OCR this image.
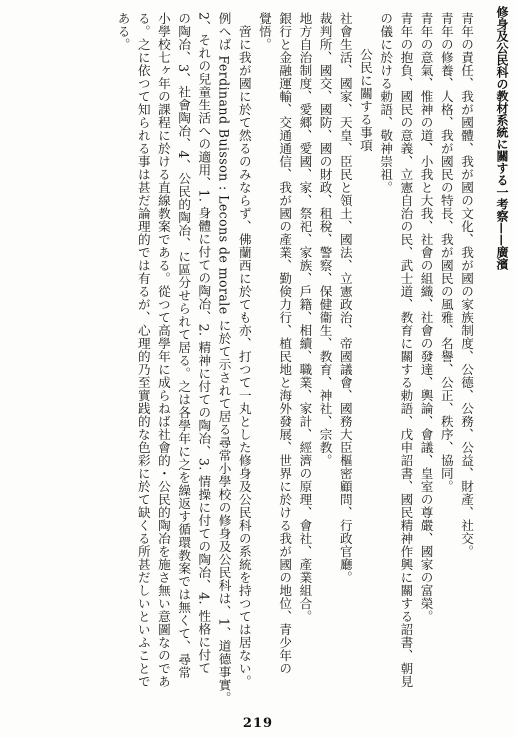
修身及公民科の教材系統に關する一考察——廣濱

青年の責任、我が國體、我が國の文化、我が國の家族制度、公德、公務、公益、財產、社交。

青年の修養、人格、我が國民の特長、我が國民の風雅、名譽、公正、秩序、協同。

青年の意氣、惟神の道、小我と大我、社會の組織、社會の發達、輿論、會議、皇室の尊嚴、國家の富榮。

青年の抱負、國民の意義、立憲自治の民、武士道、教育に關する勅語、戊申詔書、國民精神作興に關する詔書、朝見

の儀に於ける勅語、敬神崇祖。

公民に關する事項

社會生活、國家、天皇、臣民と領土、國法、立憲政治、帝國議會、國務大臣樞密顧問、行政官廳。

裁判所、國交、國防、國の財政、租稅、警察、保健衞生、教育、神社、宗教。

地方自治制度、愛郷、愛國、家、祭祀、家族、戶籍、相續、職業、家計、經濟の原理、會社、產業組合。

銀行と金融運輸、交通通信、我が國の產業、勤倹力行、植民地と海外發展、世界に於ける我が國の地位、青少年の

覺悟。

啻に我が國に於て然るのみならず、佛蘭西に於ても亦、打つて一丸とした修身及公民科の系統を持つては居ない。

例へば Ferdinand Buisson : Lecons de morale に於て示されて居る尋常小學校の修身及公民科は、1、道德事實。

2、それの兒童生活への適用、1. 身體に付ての陶冶、2. 精神に付ての陶冶、3. 情操に付ての陶冶、4. 性格に付て

の陶冶、3、社會陶冶、4、公民的陶冶、に區分せられて居る。之は各學年に之を繰返す循環教案では無くて、尋常

小學校七ヶ年の課程に於ける直線教案である。從つて高學年に成らねば社會的・公民的陶冶を施さ無い意圖なのであ

る。之に依つて知られる事は甚だ論理的では有るが、心理的乃至實践的な色彩に於て缺くる所甚だしいといふことで

ある。

219
